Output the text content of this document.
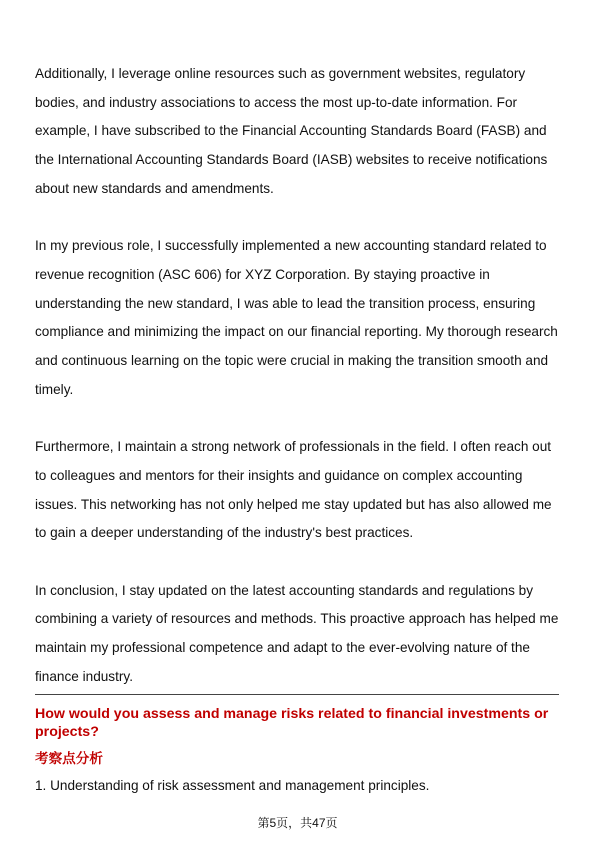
Additionally, I leverage online resources such as government websites, regulatory bodies, and industry associations to access the most up-to-date information. For example, I have subscribed to the Financial Accounting Standards Board (FASB) and the International Accounting Standards Board (IASB) websites to receive notifications about new standards and amendments.

In my previous role, I successfully implemented a new accounting standard related to revenue recognition (ASC 606) for XYZ Corporation. By staying proactive in understanding the new standard, I was able to lead the transition process, ensuring compliance and minimizing the impact on our financial reporting. My thorough research and continuous learning on the topic were crucial in making the transition smooth and timely.

Furthermore, I maintain a strong network of professionals in the field. I often reach out to colleagues and mentors for their insights and guidance on complex accounting issues. This networking has not only helped me stay updated but has also allowed me to gain a deeper understanding of the industry's best practices.

In conclusion, I stay updated on the latest accounting standards and regulations by combining a variety of resources and methods. This proactive approach has helped me maintain my professional competence and adapt to the ever-evolving nature of the finance industry.

How would you assess and manage risks related to financial investments or projects?

考察点分析

1. Understanding of risk assessment and management principles.

第5页，共47页
